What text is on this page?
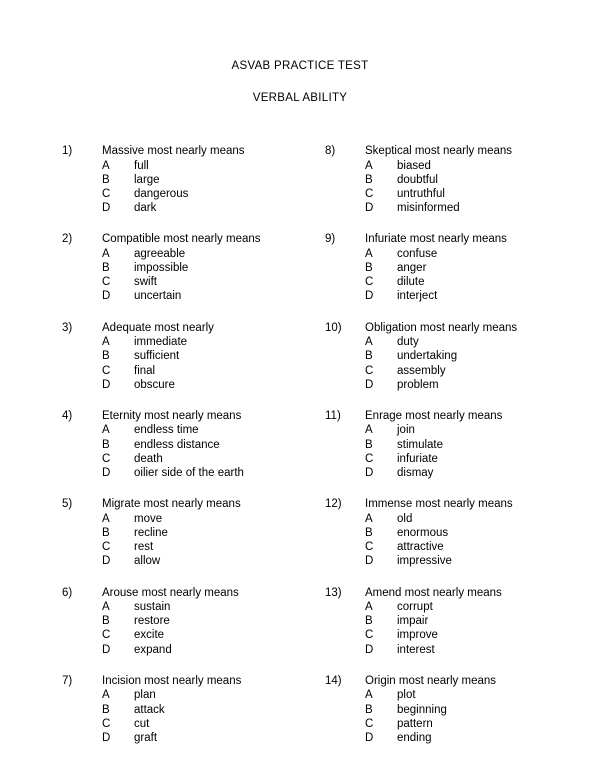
ASVAB PRACTICE TEST
VERBAL ABILITY
1)	Massive most nearly means
A	full
B	large
C	dangerous
D	dark
2)	Compatible most nearly means
A	agreeable
B	impossible
C	swift
D	uncertain
3)	Adequate most nearly
A	immediate
B	sufficient
C	final
D	obscure
4)	Eternity most nearly means
A	endless time
B	endless distance
C	death
D	oilier side of the earth
5)	Migrate most nearly means
A	move
B	recline
C	rest
D	allow
6)	Arouse most nearly means
A	sustain
B	restore
C	excite
D	expand
7)	Incision most nearly means
A	plan
B	attack
C	cut
D	graft
8)	Skeptical most nearly means
A	biased
B	doubtful
C	untruthful
D	misinformed
9)	Infuriate most nearly means
A	confuse
B	anger
C	dilute
D	interject
10)	Obligation most nearly means
A	duty
B	undertaking
C	assembly
D	problem
11)	Enrage most nearly means
A	join
B	stimulate
C	infuriate
D	dismay
12)	Immense most nearly means
A	old
B	enormous
C	attractive
D	impressive
13)	Amend most nearly means
A	corrupt
B	impair
C	improve
D	interest
14)	Origin most nearly means
A	plot
B	beginning
C	pattern
D	ending
